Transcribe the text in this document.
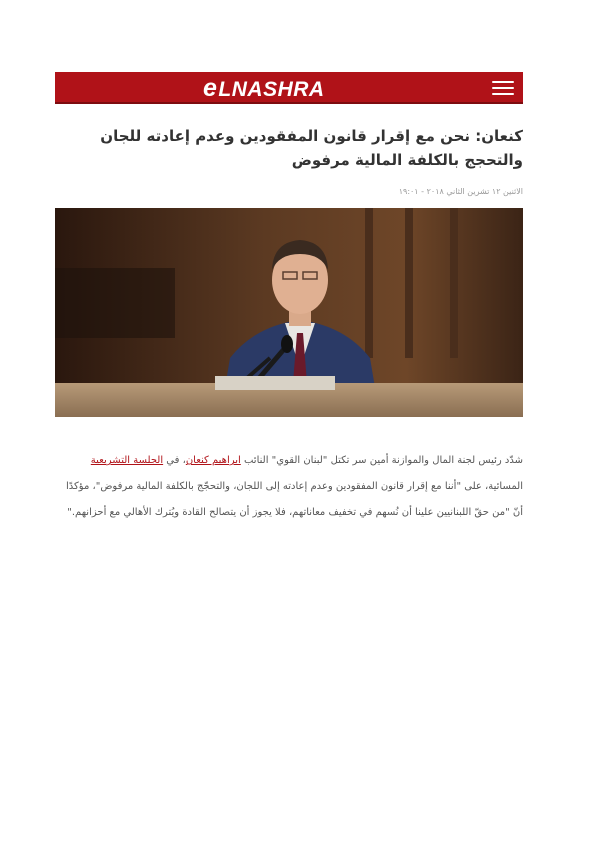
eLNASHRA
كنعان: نحن مع إقرار قانون المفقودين وعدم إعادته للجان والتحجج بالكلفة المالية مرفوض
الاثنين ١٢ تشرين الثاني ٢٠١٨ - ١٩:٠١

شدّد رئيس لجنة المال والموازنة أمين سر تكتل "لبنان القوي" النائب ابراهيم كنعان، في الجلسة التشريعية المسائية، على "أننا مع إقرار قانون المفقودين وعدم إعادته إلى اللجان، والتحجّج بالكلفة المالية مرفوض"، مؤكدًا أنّ "من حقّ اللبنانيين علينا أن نُسهم في تخفيف معاناتهم، فلا يجوز أن يتصالح القادة ويُترك الأهالي مع أحزانهم."
